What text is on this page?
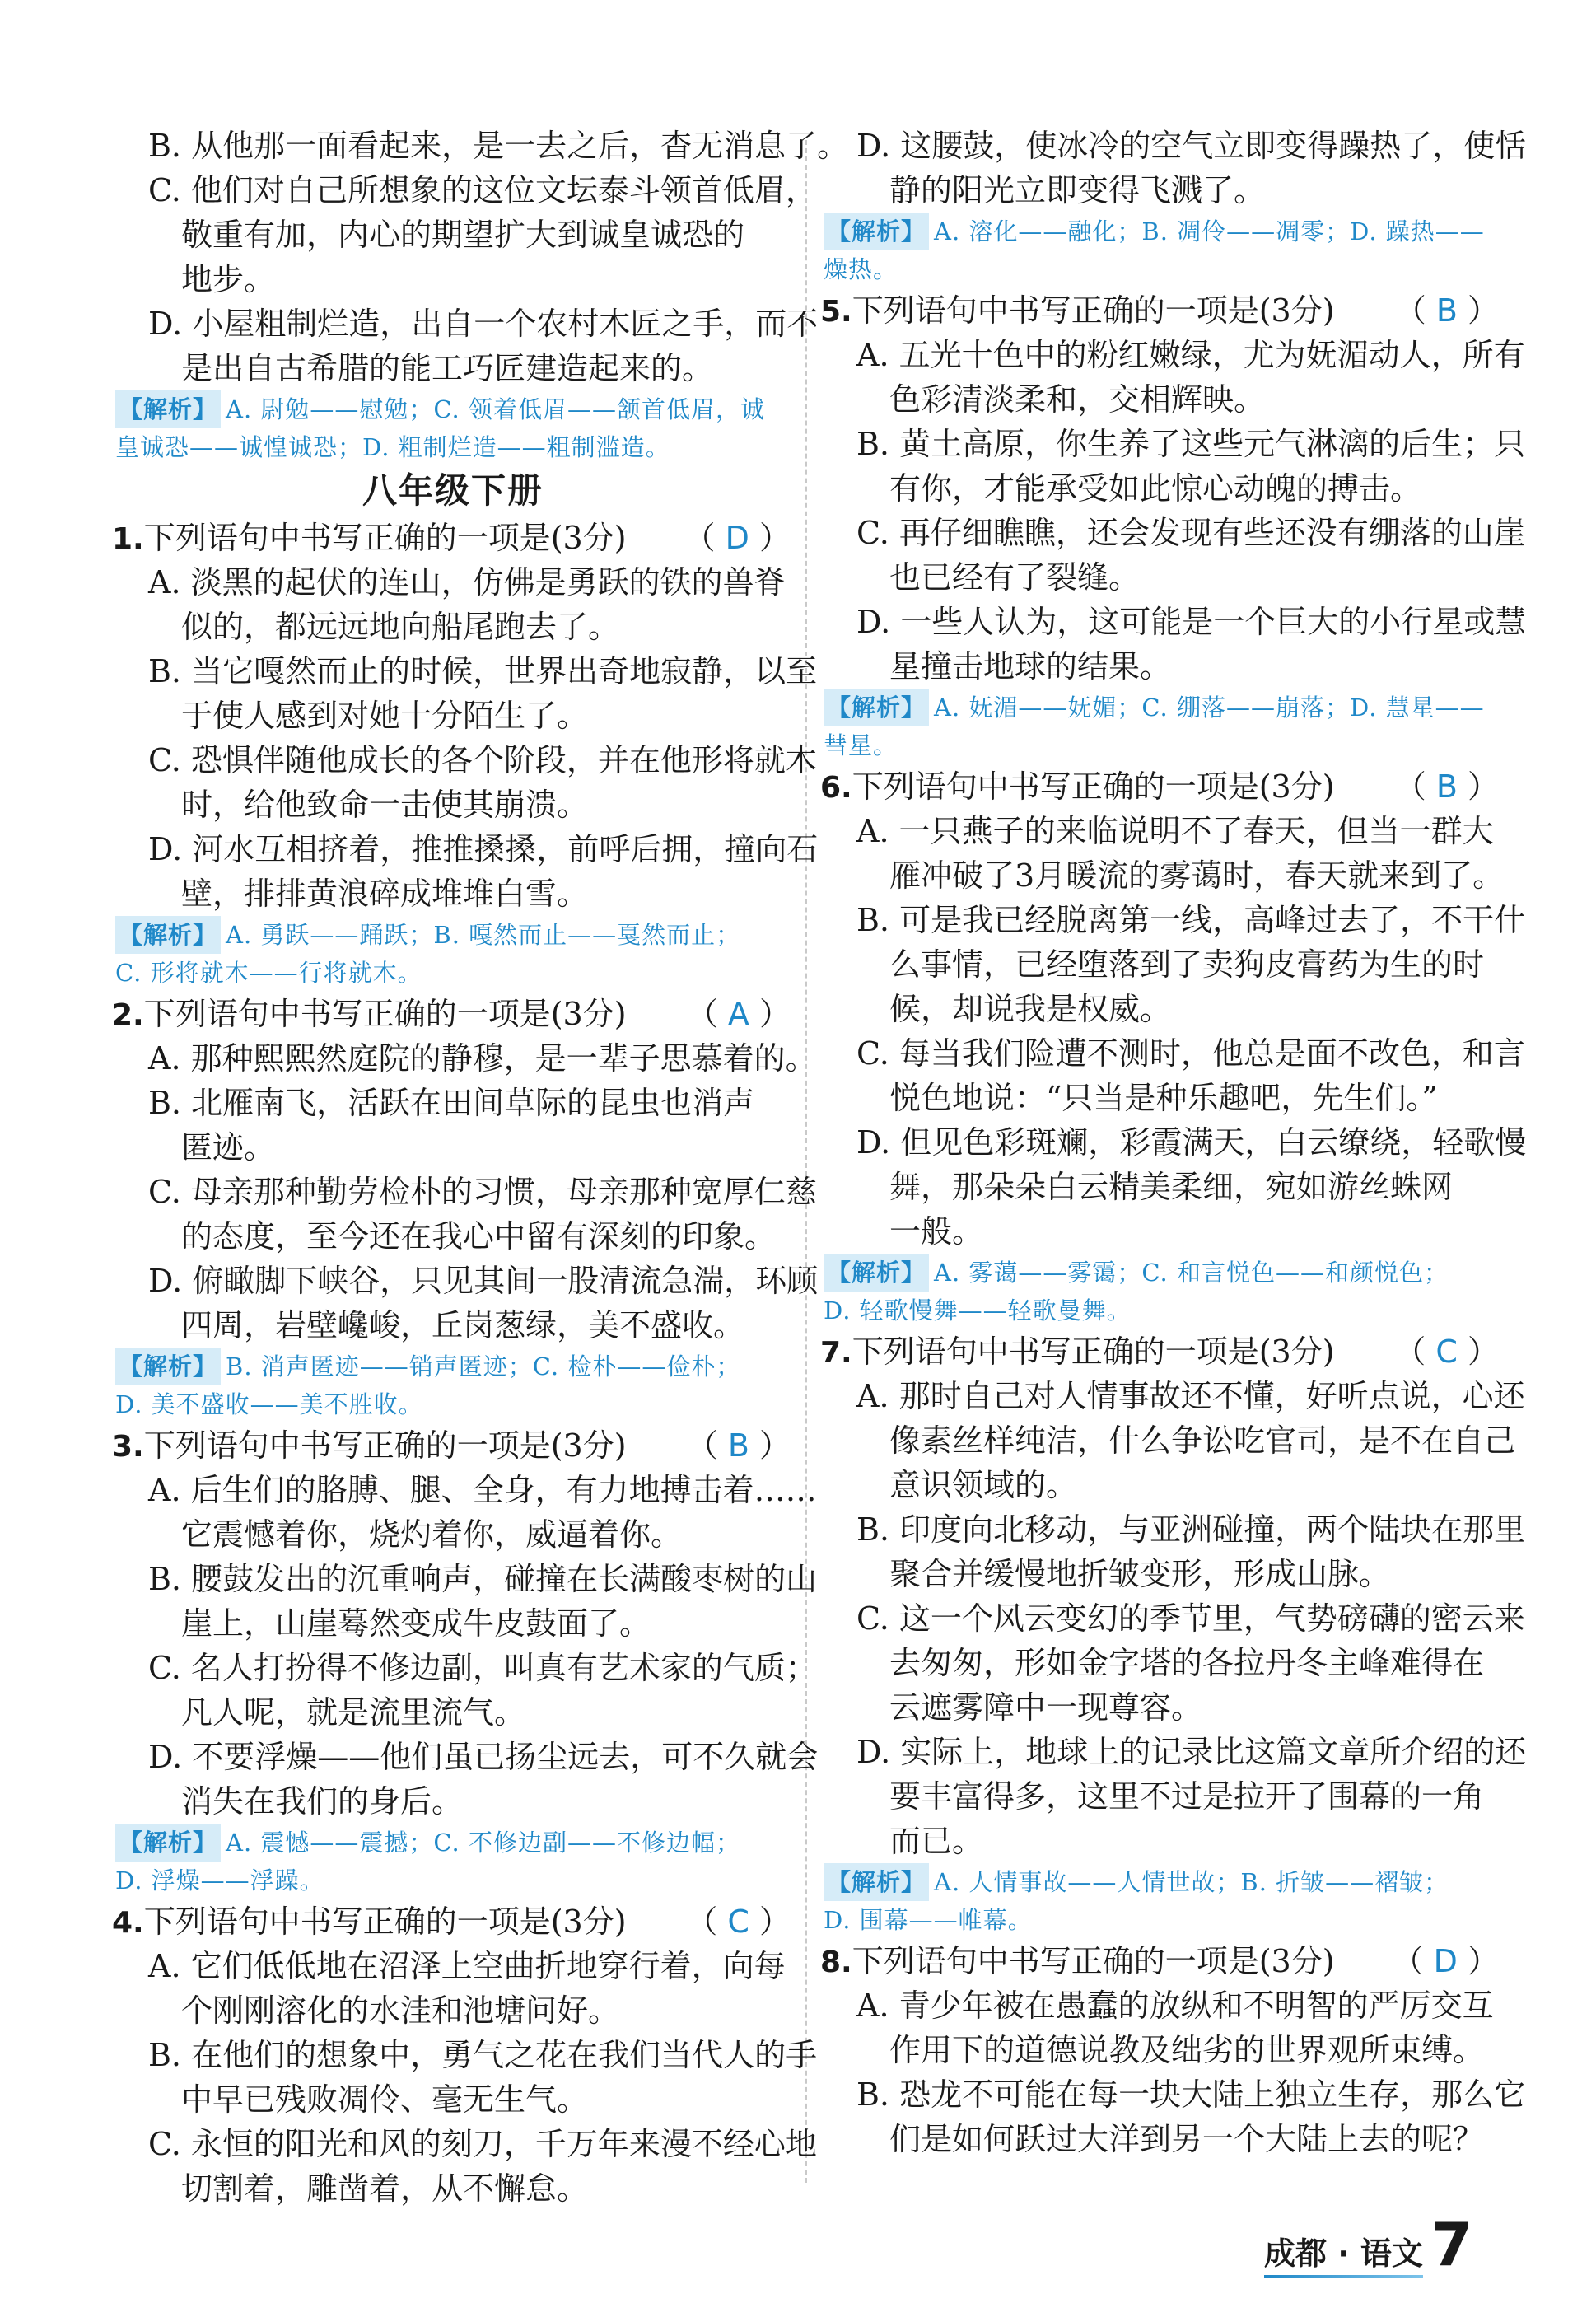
B. 从他那一面看起来，是一去之后，杳无消息了。
C. 他们对自己所想象的这位文坛泰斗领首低眉，
敬重有加，内心的期望扩大到诚皇诚恐的
地步。
D. 小屋粗制烂造，出自一个农村木匠之手，而不
是出自古希腊的能工巧匠建造起来的。
【解析】 A. 尉勉——慰勉；C. 领着低眉——颔首低眉，诚
皇诚恐——诚惶诚恐；D. 粗制烂造——粗制滥造。
八年级下册
1.下列语句中书写正确的一项是(3分) （ D ）
A. 淡黑的起伏的连山，仿佛是勇跃的铁的兽脊
似的，都远远地向船尾跑去了。
B. 当它嘎然而止的时候，世界出奇地寂静，以至
于使人感到对她十分陌生了。
C. 恐惧伴随他成长的各个阶段，并在他形将就木
时，给他致命一击使其崩溃。
D. 河水互相挤着，推推搡搡，前呼后拥，撞向石
壁，排排黄浪碎成堆堆白雪。
【解析】 A. 勇跃——踊跃；B. 嘎然而止——戛然而止；
C. 形将就木——行将就木。
2.下列语句中书写正确的一项是(3分) （ A ）
A. 那种熙熙然庭院的静穆，是一辈子思慕着的。
B. 北雁南飞，活跃在田间草际的昆虫也消声
匿迹。
C. 母亲那种勤劳检朴的习惯，母亲那种宽厚仁慈
的态度，至今还在我心中留有深刻的印象。
D. 俯瞰脚下峡谷，只见其间一股清流急湍，环顾
四周，岩壁巉峻，丘岗葱绿，美不盛收。
【解析】 B. 消声匿迹——销声匿迹；C. 检朴——俭朴；
D. 美不盛收——美不胜收。
3.下列语句中书写正确的一项是(3分) （ B ）
A. 后生们的胳膊、腿、全身，有力地搏击着……
它震憾着你，烧灼着你，威逼着你。
B. 腰鼓发出的沉重响声，碰撞在长满酸枣树的山
崖上，山崖蓦然变成牛皮鼓面了。
C. 名人打扮得不修边副，叫真有艺术家的气质；
凡人呢，就是流里流气。
D. 不要浮燥——他们虽已扬尘远去，可不久就会
消失在我们的身后。
【解析】 A. 震憾——震撼；C. 不修边副——不修边幅；
D. 浮燥——浮躁。
4.下列语句中书写正确的一项是(3分) （ C ）
A. 它们低低地在沼泽上空曲折地穿行着，向每
个刚刚溶化的水洼和池塘问好。
B. 在他们的想象中，勇气之花在我们当代人的手
中早已残败凋伶、毫无生气。
C. 永恒的阳光和风的刻刀，千万年来漫不经心地
切割着，雕凿着，从不懈怠。
D. 这腰鼓，使冰冷的空气立即变得躁热了，使恬
静的阳光立即变得飞溅了。
【解析】 A. 溶化——融化；B. 凋伶——凋零；D. 躁热——
燥热。
5.下列语句中书写正确的一项是(3分) （ B ）
A. 五光十色中的粉红嫩绿，尤为妩湄动人，所有
色彩清淡柔和，交相辉映。
B. 黄土高原，你生养了这些元气淋漓的后生；只
有你，才能承受如此惊心动魄的搏击。
C. 再仔细瞧瞧，还会发现有些还没有绷落的山崖
也已经有了裂缝。
D. 一些人认为，这可能是一个巨大的小行星或慧
星撞击地球的结果。
【解析】 A. 妩湄——妩媚；C. 绷落——崩落；D. 慧星——
彗星。
6.下列语句中书写正确的一项是(3分) （ B ）
A. 一只燕子的来临说明不了春天，但当一群大
雁冲破了3月暖流的雾蔼时，春天就来到了。
B. 可是我已经脱离第一线，高峰过去了，不干什
么事情，已经堕落到了卖狗皮膏药为生的时
候，却说我是权威。
C. 每当我们险遭不测时，他总是面不改色，和言
悦色地说：“只当是种乐趣吧，先生们。”
D. 但见色彩斑斓，彩霞满天，白云缭绕，轻歌慢
舞，那朵朵白云精美柔细，宛如游丝蛛网
一般。
【解析】 A. 雾蔼——雾霭；C. 和言悦色——和颜悦色；
D. 轻歌慢舞——轻歌曼舞。
7.下列语句中书写正确的一项是(3分) （ C ）
A. 那时自己对人情事故还不懂，好听点说，心还
像素丝样纯洁，什么争讼吃官司，是不在自己
意识领域的。
B. 印度向北移动，与亚洲碰撞，两个陆块在那里
聚合并缓慢地折皱变形，形成山脉。
C. 这一个风云变幻的季节里，气势磅礴的密云来
去匆匆，形如金字塔的各拉丹冬主峰难得在
云遮雾障中一现尊容。
D. 实际上，地球上的记录比这篇文章所介绍的还
要丰富得多，这里不过是拉开了围幕的一角
而已。
【解析】 A. 人情事故——人情世故；B. 折皱——褶皱；
D. 围幕——帷幕。
8.下列语句中书写正确的一项是(3分) （ D ）
A. 青少年被在愚蠢的放纵和不明智的严厉交互
作用下的道德说教及绌劣的世界观所束缚。
B. 恐龙不可能在每一块大陆上独立生存，那么它
们是如何跃过大洋到另一个大陆上去的呢？
成都 · 语文 7
